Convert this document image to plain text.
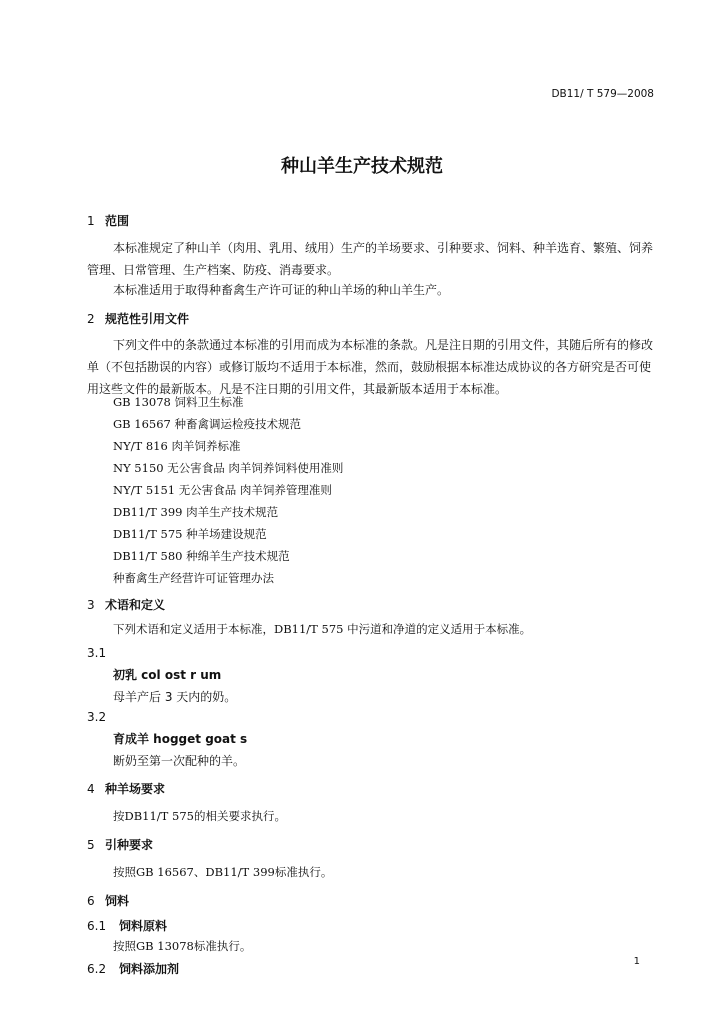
DB11/ T 579—2008
种山羊生产技术规范
1 范围
本标准规定了种山羊（肉用、乳用、绒用）生产的羊场要求、引种要求、饲料、种羊选育、繁殖、饲养管理、日常管理、生产档案、防疫、消毒要求。
本标准适用于取得种畜禽生产许可证的种山羊场的种山羊生产。
2 规范性引用文件
下列文件中的条款通过本标准的引用而成为本标准的条款。凡是注日期的引用文件，其随后所有的修改单（不包括勘误的内容）或修订版均不适用于本标准，然而，鼓励根据本标准达成协议的各方研究是否可使用这些文件的最新版本。凡是不注日期的引用文件，其最新版本适用于本标准。
GB 13078 饲料卫生标准
GB 16567 种畜禽调运检疫技术规范
NY/T 816 肉羊饲养标准
NY 5150 无公害食品 肉羊饲养饲料使用准则
NY/T 5151 无公害食品 肉羊饲养管理准则
DB11/T 399 肉羊生产技术规范
DB11/T 575 种羊场建设规范
DB11/T 580 种绵羊生产技术规范
种畜禽生产经营许可证管理办法
3 术语和定义
下列术语和定义适用于本标准，DB11/T 575 中污道和净道的定义适用于本标准。
3.1
初乳 col ost r um
母羊产后 3 天内的奶。
3.2
育成羊 hogget goat s
断奶至第一次配种的羊。
4 种羊场要求
按DB11/T 575的相关要求执行。
5 引种要求
按照GB 16567、DB11/T 399标准执行。
6 饲料
6.1 饲料原料
按照GB 13078标准执行。
6.2 饲料添加剂
1
